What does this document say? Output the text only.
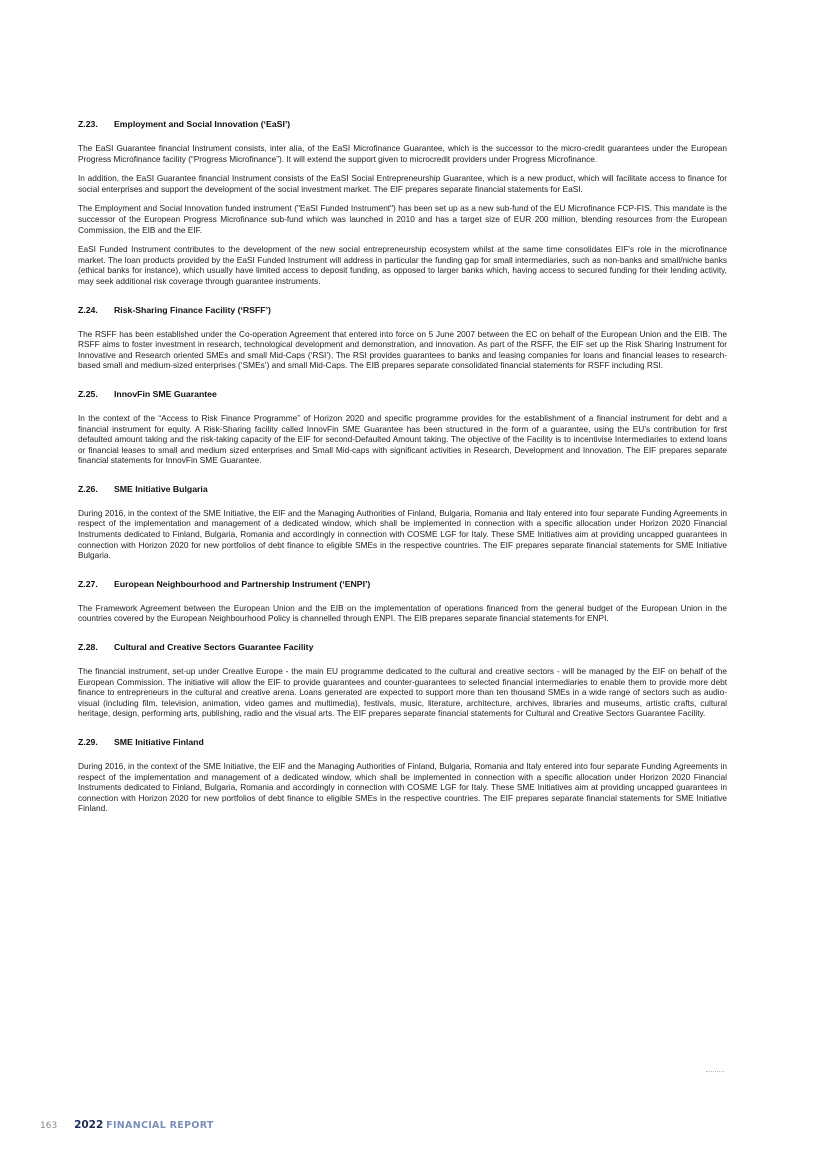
Z.23. Employment and Social Innovation (‘EaSI’)

The EaSI Guarantee financial Instrument consists, inter alia, of the EaSI Microfinance Guarantee, which is the successor to the micro-credit guarantees under the European Progress Microfinance facility (“Progress Microfinance”). It will extend the support given to microcredit providers under Progress Microfinance.

In addition, the EaSI Guarantee financial Instrument consists of the EaSI Social Entrepreneurship Guarantee, which is a new product, which will facilitate access to finance for social enterprises and support the development of the social investment market. The EIF prepares separate financial statements for EaSI.

The Employment and Social Innovation funded instrument ("EaSI Funded Instrument") has been set up as a new sub-fund of the EU Microfinance FCP-FIS. This mandate is the successor of the European Progress Microfinance sub-fund which was launched in 2010 and has a target size of EUR 200 million, blending resources from the European Commission, the EIB and the EIF.

EaSI Funded Instrument contributes to the development of the new social entrepreneurship ecosystem whilst at the same time consolidates EIF's role in the microfinance market. The loan products provided by the EaSI Funded Instrument will address in particular the funding gap for small intermediaries, such as non-banks and small/niche banks (ethical banks for instance), which usually have limited access to deposit funding, as opposed to larger banks which, having access to secured funding for their lending activity, may seek additional risk coverage through guarantee instruments.

Z.24. Risk-Sharing Finance Facility (‘RSFF’)

The RSFF has been established under the Co-operation Agreement that entered into force on 5 June 2007 between the EC on behalf of the European Union and the EIB. The RSFF aims to foster investment in research, technological development and demonstration, and innovation. As part of the RSFF, the EIF set up the Risk Sharing Instrument for Innovative and Research oriented SMEs and small Mid-Caps (‘RSI’). The RSI provides guarantees to banks and leasing companies for loans and financial leases to research-based small and medium-sized enterprises (‘SMEs’) and small Mid-Caps. The EIB prepares separate consolidated financial statements for RSFF including RSI.

Z.25. InnovFin SME Guarantee

In the context of the “Access to Risk Finance Programme” of Horizon 2020 and specific programme provides for the establishment of a financial instrument for debt and a financial instrument for equity. A Risk-Sharing facility called InnovFin SME Guarantee has been structured in the form of a guarantee, using the EU’s contribution for first defaulted amount taking and the risk-taking capacity of the EIF for second-Defaulted Amount taking. The objective of the Facility is to incentivise Intermediaries to extend loans or financial leases to small and medium sized enterprises and Small Mid-caps with significant activities in Research, Development and Innovation. The EIF prepares separate financial statements for InnovFin SME Guarantee.

Z.26. SME Initiative Bulgaria

During 2016, in the context of the SME Initiative, the EIF and the Managing Authorities of Finland, Bulgaria, Romania and Italy entered into four separate Funding Agreements in respect of the implementation and management of a dedicated window, which shall be implemented in connection with a specific allocation under Horizon 2020 Financial Instruments dedicated to Finland, Bulgaria, Romania and accordingly in connection with COSME LGF for Italy. These SME Initiatives aim at providing uncapped guarantees in connection with Horizon 2020 for new portfolios of debt finance to eligible SMEs in the respective countries. The EIF prepares separate financial statements for SME Initiative Bulgaria.

Z.27. European Neighbourhood and Partnership Instrument (‘ENPI’)

The Framework Agreement between the European Union and the EIB on the implementation of operations financed from the general budget of the European Union in the countries covered by the European Neighbourhood Policy is channelled through ENPI. The EIB prepares separate financial statements for ENPI.

Z.28. Cultural and Creative Sectors Guarantee Facility

The financial instrument, set-up under Creative Europe - the main EU programme dedicated to the cultural and creative sectors - will be managed by the EIF on behalf of the European Commission. The initiative will allow the EIF to provide guarantees and counter-guarantees to selected financial intermediaries to enable them to provide more debt finance to entrepreneurs in the cultural and creative arena. Loans generated are expected to support more than ten thousand SMEs in a wide range of sectors such as audio-visual (including film, television, animation, video games and multimedia), festivals, music, literature, architecture, archives, libraries and museums, artistic crafts, cultural heritage, design, performing arts, publishing, radio and the visual arts. The EIF prepares separate financial statements for Cultural and Creative Sectors Guarantee Facility.

Z.29. SME Initiative Finland

During 2016, in the context of the SME Initiative, the EIF and the Managing Authorities of Finland, Bulgaria, Romania and Italy entered into four separate Funding Agreements in respect of the implementation and management of a dedicated window, which shall be implemented in connection with a specific allocation under Horizon 2020 Financial Instruments dedicated to Finland, Bulgaria, Romania and accordingly in connection with COSME LGF for Italy. These SME Initiatives aim at providing uncapped guarantees in connection with Horizon 2020 for new portfolios of debt finance to eligible SMEs in the respective countries. The EIF prepares separate financial statements for SME Initiative Finland.

163 2022 FINANCIAL REPORT
